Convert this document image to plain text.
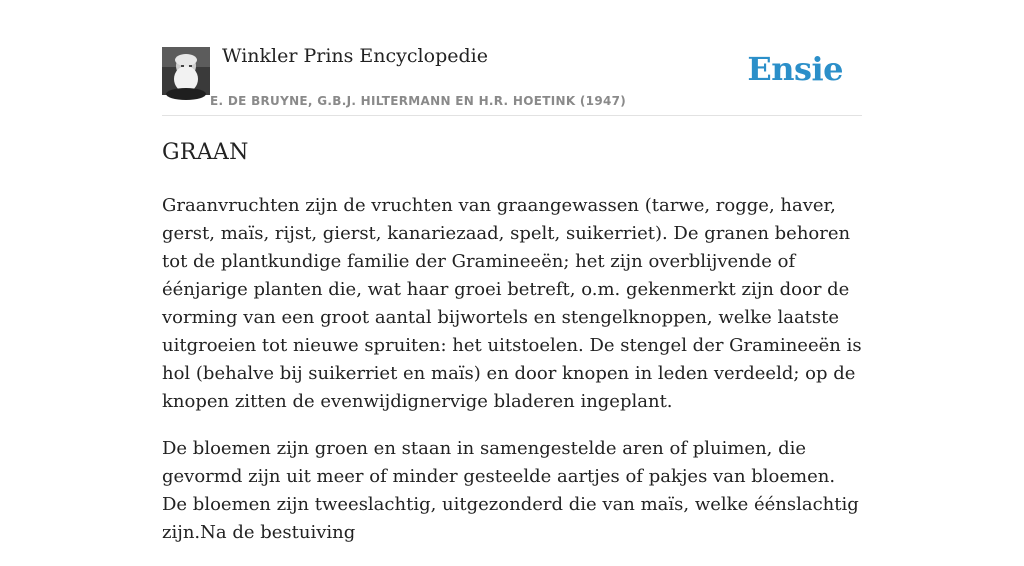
Winkler Prins Encyclopedie
E. DE BRUYNE, G.B.J. HILTERMANN EN H.R. HOETINK (1947)
Ensie
GRAAN

Graanvruchten zijn de vruchten van graangewassen (tarwe, rogge, haver, gerst, maïs, rijst, gierst, kanariezaad, spelt, suikerriet). De granen behoren tot de plantkundige familie der Gramineeën; het zijn overblijvende of éénjarige planten die, wat haar groei betreft, o.m. gekenmerkt zijn door de vorming van een groot aantal bijwortels en stengelknoppen, welke laatste uitgroeien tot nieuwe spruiten: het uitstoelen. De stengel der Gramineeën is hol (behalve bij suikerriet en maïs) en door knopen in leden verdeeld; op de knopen zitten de evenwijdignervige bladeren ingeplant.

De bloemen zijn groen en staan in samengestelde aren of pluimen, die gevormd zijn uit meer of minder gesteelde aartjes of pakjes van bloemen. De bloemen zijn tweeslachtig, uitgezonderd die van maïs, welke éénslachtig zijn.Na de bestuiving
